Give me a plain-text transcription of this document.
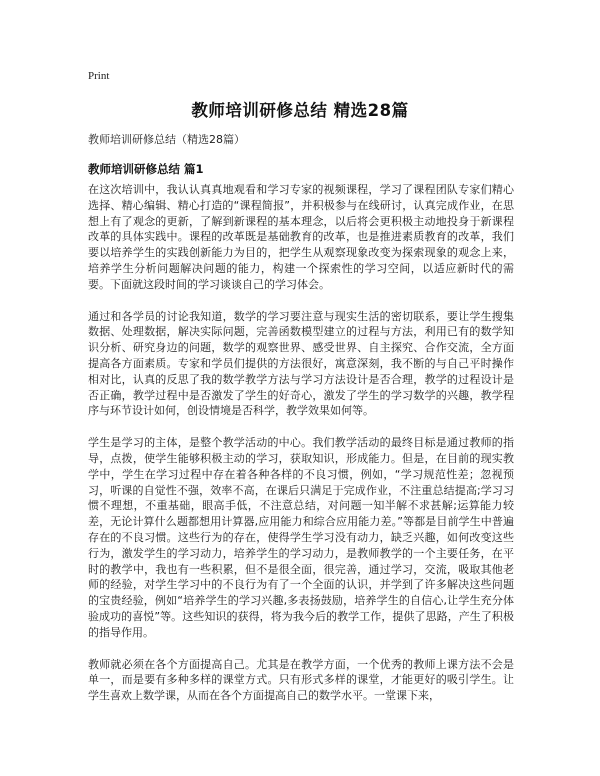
Print
教师培训研修总结 精选28篇
教师培训研修总结（精选28篇）
教师培训研修总结 篇1

在这次培训中，我认认真真地观看和学习专家的视频课程，学习了课程团队专家们精心选择、精心编辑、精心打造的“课程简报”，并积极参与在线研讨，认真完成作业，在思想上有了观念的更新，了解到新课程的基本理念，以后将会更积极主动地投身于新课程改革的具体实践中。课程的改革既是基础教育的改革，也是推进素质教育的改革，我们要以培养学生的实践创新能力为目的，把学生从观察现象改变为探索现象的观念上来，培养学生分析问题解决问题的能力，构建一个探索性的学习空间，以适应新时代的需要。下面就这段时间的学习谈谈自己的学习体会。

通过和各学员的讨论我知道，数学的学习要注意与现实生活的密切联系，要让学生搜集数据、处理数据，解决实际问题，完善函数模型建立的过程与方法，利用已有的数学知识分析、研究身边的问题，数学的观察世界、感受世界、自主探究、合作交流，全方面提高各方面素质。专家和学员们提供的方法很好，寓意深刻，我不断的与自己平时操作相对比，认真的反思了我的数学教学方法与学习方法设计是否合理，教学的过程设计是否正确，教学过程中是否激发了学生的好奇心，激发了学生的学习数学的兴趣，教学程序与环节设计如何，创设情境是否科学，教学效果如何等。

学生是学习的主体，是整个教学活动的中心。我们教学活动的最终目标是通过教师的指导，点拨，使学生能够积极主动的学习，获取知识，形成能力。但是，在目前的现实教学中，学生在学习过程中存在着各种各样的不良习惯，例如，“学习规范性差；忽视预习，听课的自觉性不强，效率不高，在课后只满足于完成作业，不注重总结提高;学习习惯不理想，不重基础，眼高手低，不注意总结，对问题一知半解不求甚解;运算能力较差，无论计算什么题都想用计算器,应用能力和综合应用能力差。”等都是目前学生中普遍存在的不良习惯。这些行为的存在，使得学生学习没有动力，缺乏兴趣，如何改变这些行为，激发学生的学习动力，培养学生的学习动力，是教师教学的一个主要任务，在平时的教学中，我也有一些积累，但不是很全面，很完善，通过学习，交流，吸取其他老师的经验，对学生学习中的不良行为有了一个全面的认识，并学到了许多解决这些问题的宝贵经验，例如“培养学生的学习兴趣,多表扬鼓励，培养学生的自信心,让学生充分体验成功的喜悦”等。这些知识的获得，将为我今后的教学工作，提供了思路，产生了积极的指导作用。

教师就必须在各个方面提高自己。尤其是在教学方面，一个优秀的教师上课方法不会是单一，而是要有多种多样的课堂方式。只有形式多样的课堂，才能更好的吸引学生。让学生喜欢上数学课，从而在各个方面提高自己的数学水平。一堂课下来，
